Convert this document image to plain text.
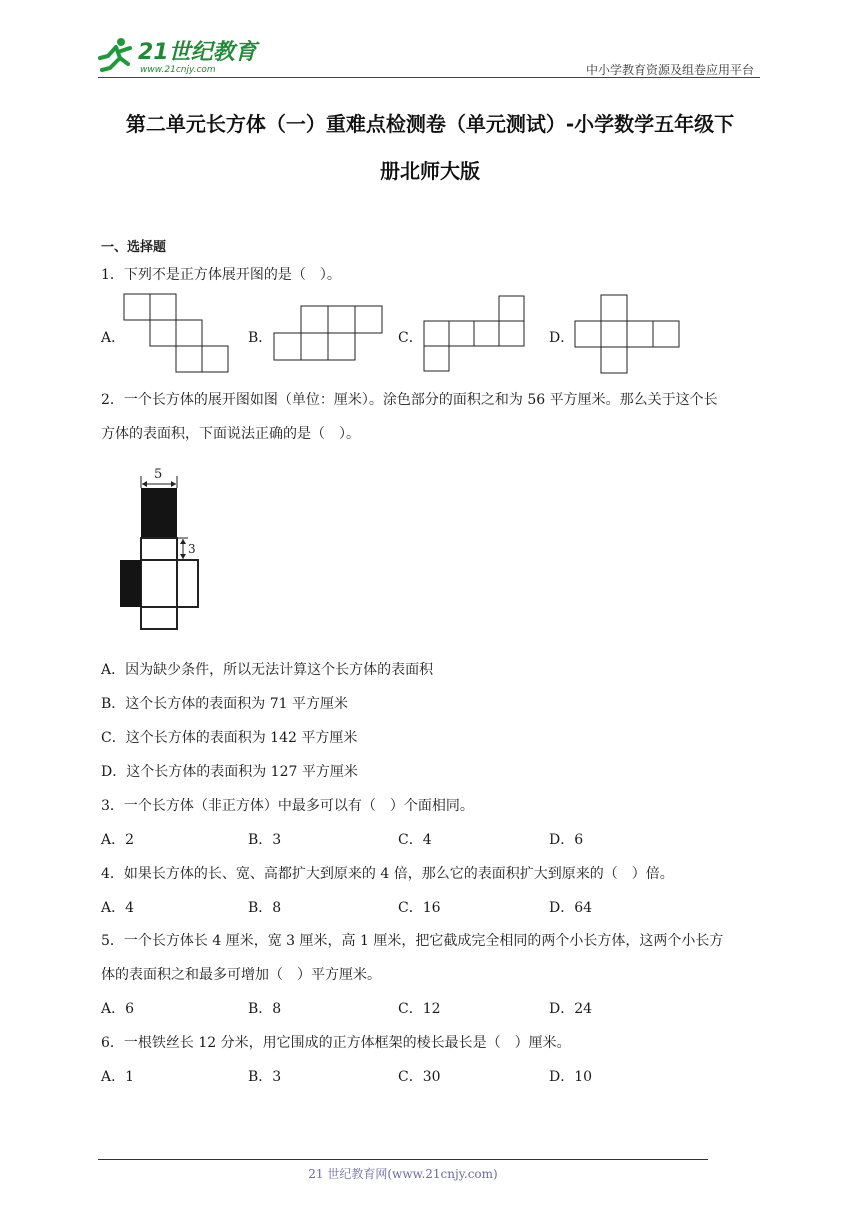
21世纪教育
www.21cnjy.com	中小学教育资源及组卷应用平台
第二单元长方体（一）重难点检测卷（单元测试）-小学数学五年级下
册北师大版
一、选择题
1．下列不是正方体展开图的是（　）。
A．	B．	C．	D．
2．一个长方体的展开图如图（单位：厘米）。涂色部分的面积之和为 56 平方厘米。那么关于这个长
方体的表面积，下面说法正确的是（　）。
5
3
A．因为缺少条件，所以无法计算这个长方体的表面积
B．这个长方体的表面积为 71 平方厘米
C．这个长方体的表面积为 142 平方厘米
D．这个长方体的表面积为 127 平方厘米
3．一个长方体（非正方体）中最多可以有（　）个面相同。
A．2	B．3	C．4	D．6
4．如果长方体的长、宽、高都扩大到原来的 4 倍，那么它的表面积扩大到原来的（　）倍。
A．4	B．8	C．16	D．64
5．一个长方体长 4 厘米，宽 3 厘米，高 1 厘米，把它截成完全相同的两个小长方体，这两个小长方
体的表面积之和最多可增加（　）平方厘米。
A．6	B．8	C．12	D．24
6．一根铁丝长 12 分米，用它围成的正方体框架的棱长最长是（　）厘米。
A．1	B．3	C．30	D．10
21 世纪教育网(www.21cnjy.com)
